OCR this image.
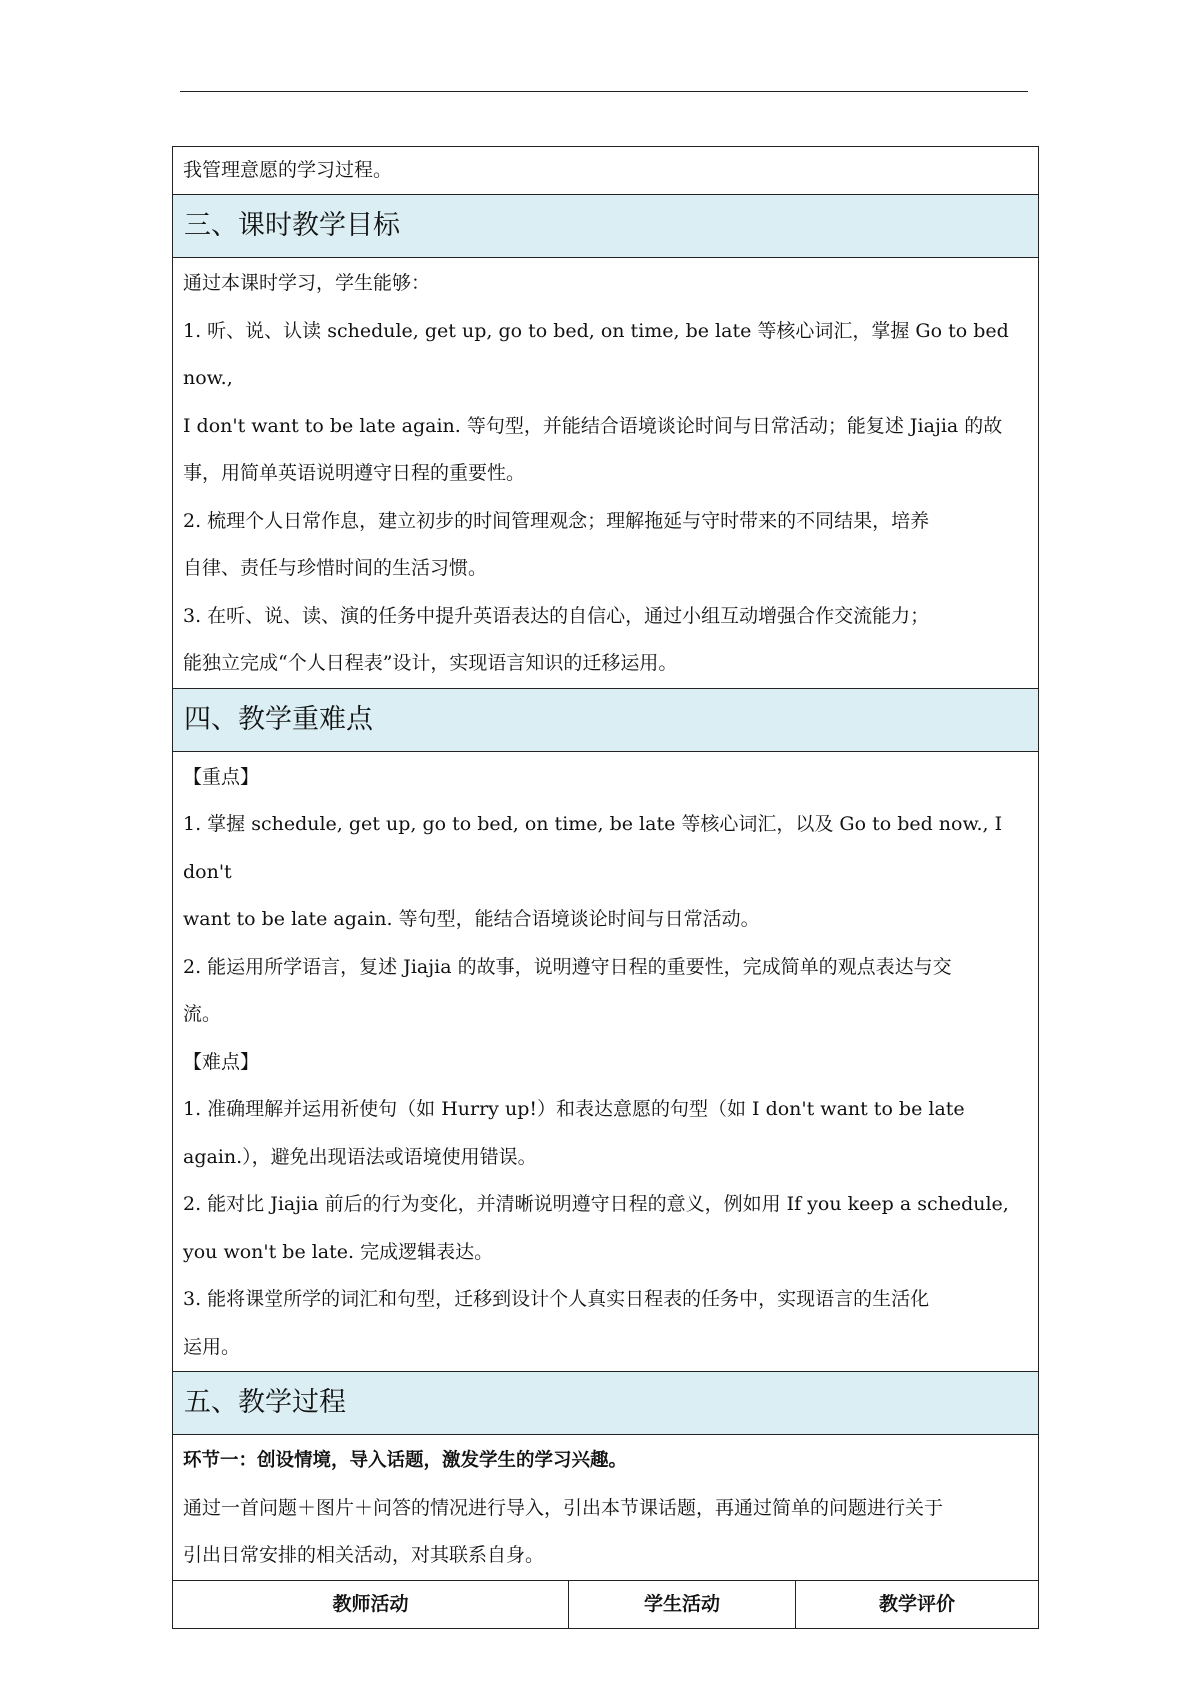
我管理意愿的学习过程。

三、课时教学目标

通过本课时学习，学生能够：
1. 听、说、认读 schedule, get up, go to bed, on time, be late 等核心词汇，掌握 Go to bed now.,
I don't want to be late again. 等句型，并能结合语境谈论时间与日常活动；能复述 Jiajia 的故
事，用简单英语说明遵守日程的重要性。
2. 梳理个人日常作息，建立初步的时间管理观念；理解拖延与守时带来的不同结果，培养
自律、责任与珍惜时间的生活习惯。
3. 在听、说、读、演的任务中提升英语表达的自信心，通过小组互动增强合作交流能力；
能独立完成“个人日程表”设计，实现语言知识的迁移运用。

四、教学重难点

【重点】
1. 掌握 schedule, get up, go to bed, on time, be late 等核心词汇，以及 Go to bed now., I don't
want to be late again. 等句型，能结合语境谈论时间与日常活动。
2. 能运用所学语言，复述 Jiajia 的故事，说明遵守日程的重要性，完成简单的观点表达与交
流。
【难点】
1. 准确理解并运用祈使句（如 Hurry up!）和表达意愿的句型（如 I don't want to be late
again.），避免出现语法或语境使用错误。
2. 能对比 Jiajia 前后的行为变化，并清晰说明遵守日程的意义，例如用 If you keep a schedule,
you won't be late. 完成逻辑表达。
3. 能将课堂所学的词汇和句型，迁移到设计个人真实日程表的任务中，实现语言的生活化
运用。

五、教学过程

环节一：创设情境，导入话题，激发学生的学习兴趣。
通过一首问题＋图片＋问答的情况进行导入，引出本节课话题，再通过简单的问题进行关于
引出日常安排的相关活动，对其联系自身。

教师活动	学生活动	教学评价
